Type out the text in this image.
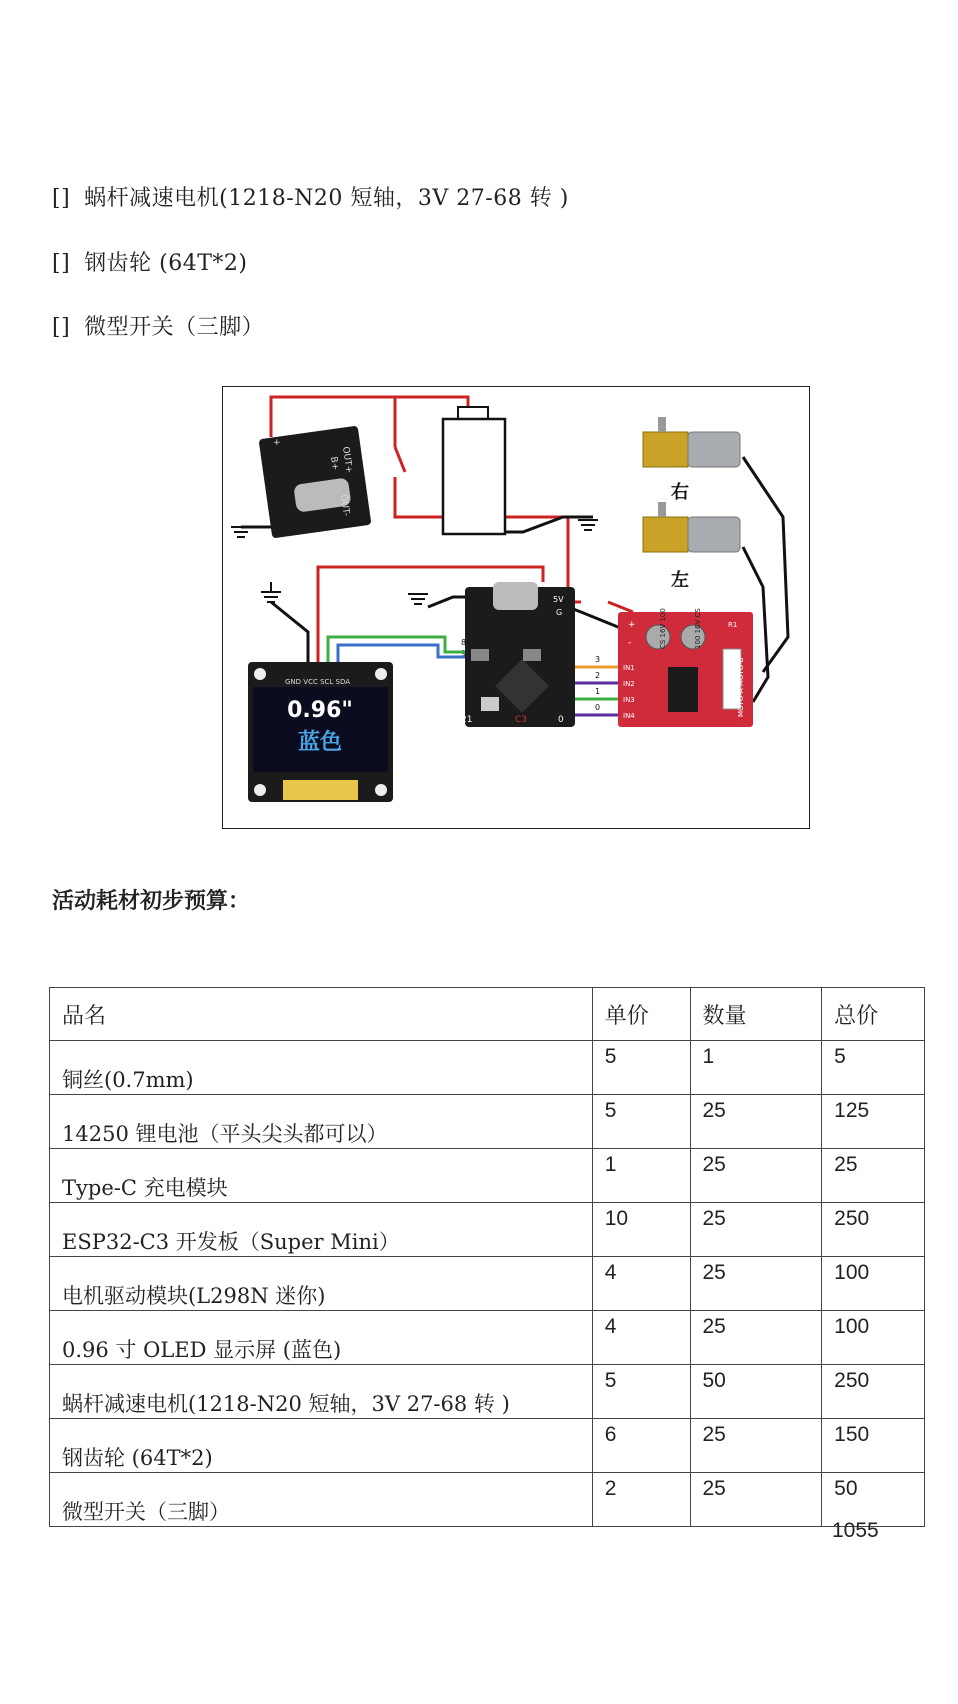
[] 蜗杆减速电机(1218-N20 短轴，3V 27-68 转 )
[] 钢齿轮 (64T*2)
[] 微型开关（三脚）
B+ OUT+
OUT-
+
右
左
21	C3	0
8
9
5V
G
3
2
1
0
CS 16V 100	100 16V CS	R1
MOTO-A MOTO-B
IN1
IN2
IN3
IN4
+
-
GND VCC SCL SDA
0.96"
蓝色
活动耗材初步预算：
品名	单价	数量	总价

铜丝(0.7mm)	5	1	5

14250 锂电池（平头尖头都可以）	5	25	125

Type-C 充电模块	1	25	25

ESP32-C3 开发板（Super Mini）	10	25	250

电机驱动模块(L298N 迷你)	4	25	100

0.96 寸 OLED 显示屏 (蓝色)	4	25	100

蜗杆减速电机(1218-N20 短轴，3V 27-68 转 )	5	50	250

钢齿轮 (64T*2)	6	25	150

微型开关（三脚）	2	25	50
1055
